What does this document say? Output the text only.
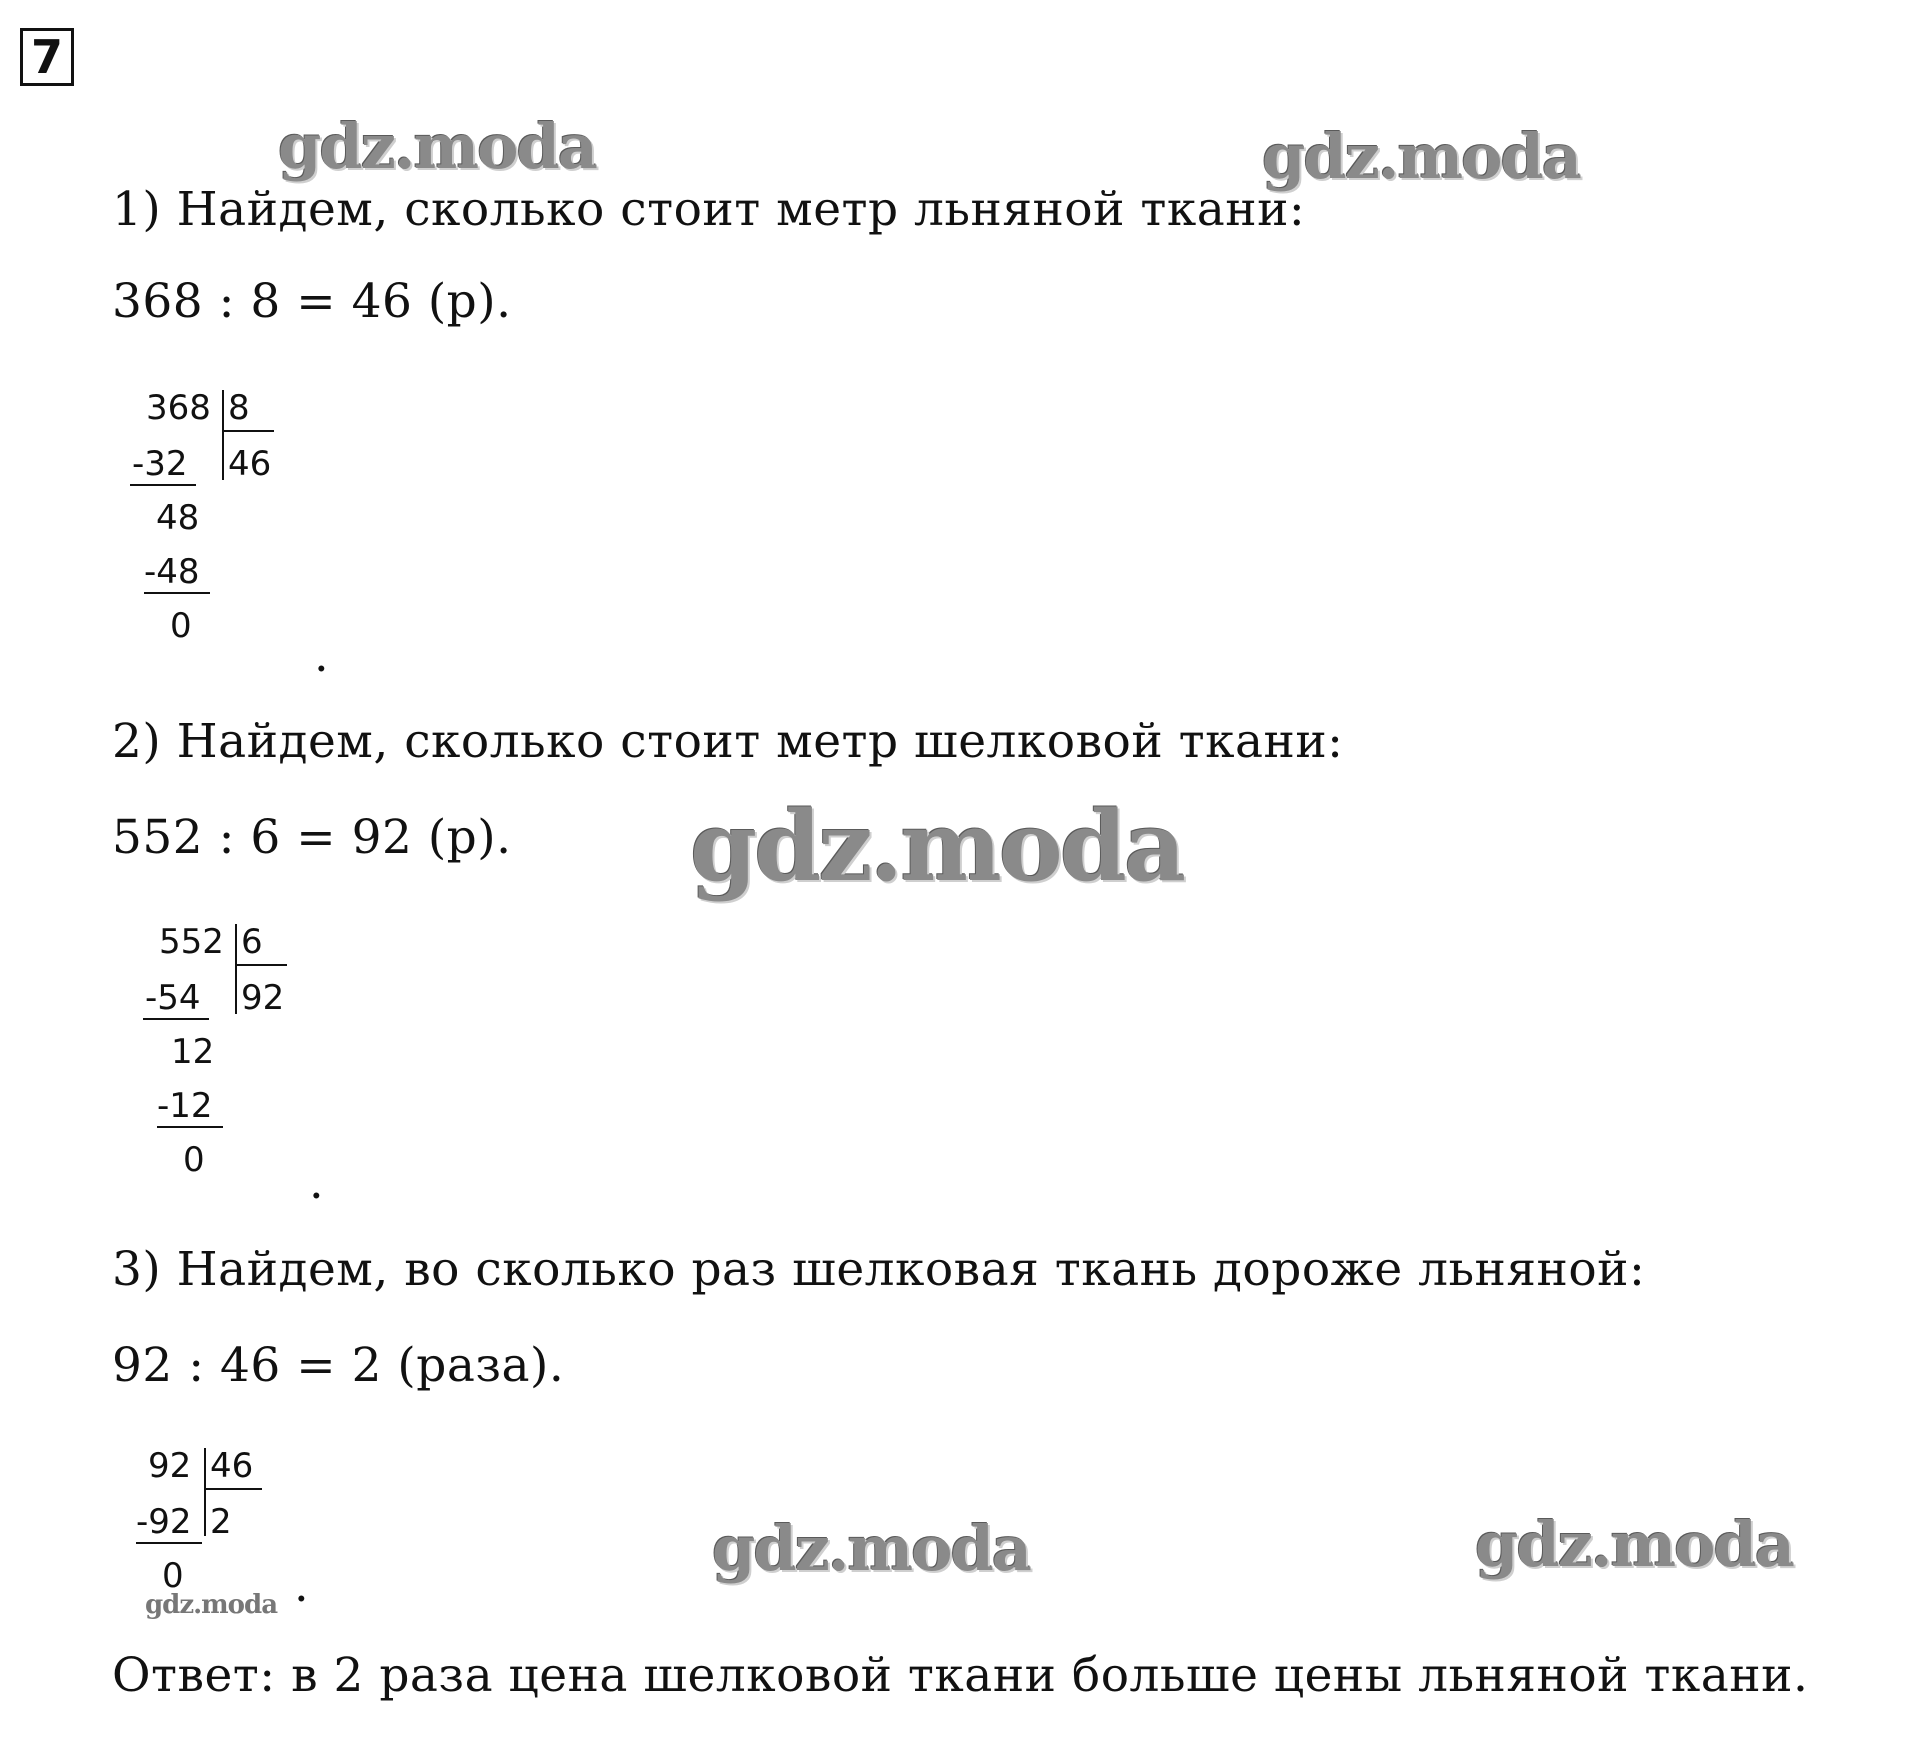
7
gdz.moda	gdz.moda
gdz.moda
gdz.moda	gdz.moda
gdz.moda
1) Найдем, сколько стоит метр льняной ткани:
368 : 8 = 46 (р).
368 8
46
-32
48
-48
0
.
2) Найдем, сколько стоит метр шелковой ткани:
552 : 6 = 92 (р).
552 6
92
-54
12
-12
0 .
3) Найдем, во сколько раз шелковая ткань дороже льняной:
92 : 46 = 2 (раза).
92 46
2
-92
0 .
Ответ: в 2 раза цена шелковой ткани больше цены льняной ткани.
